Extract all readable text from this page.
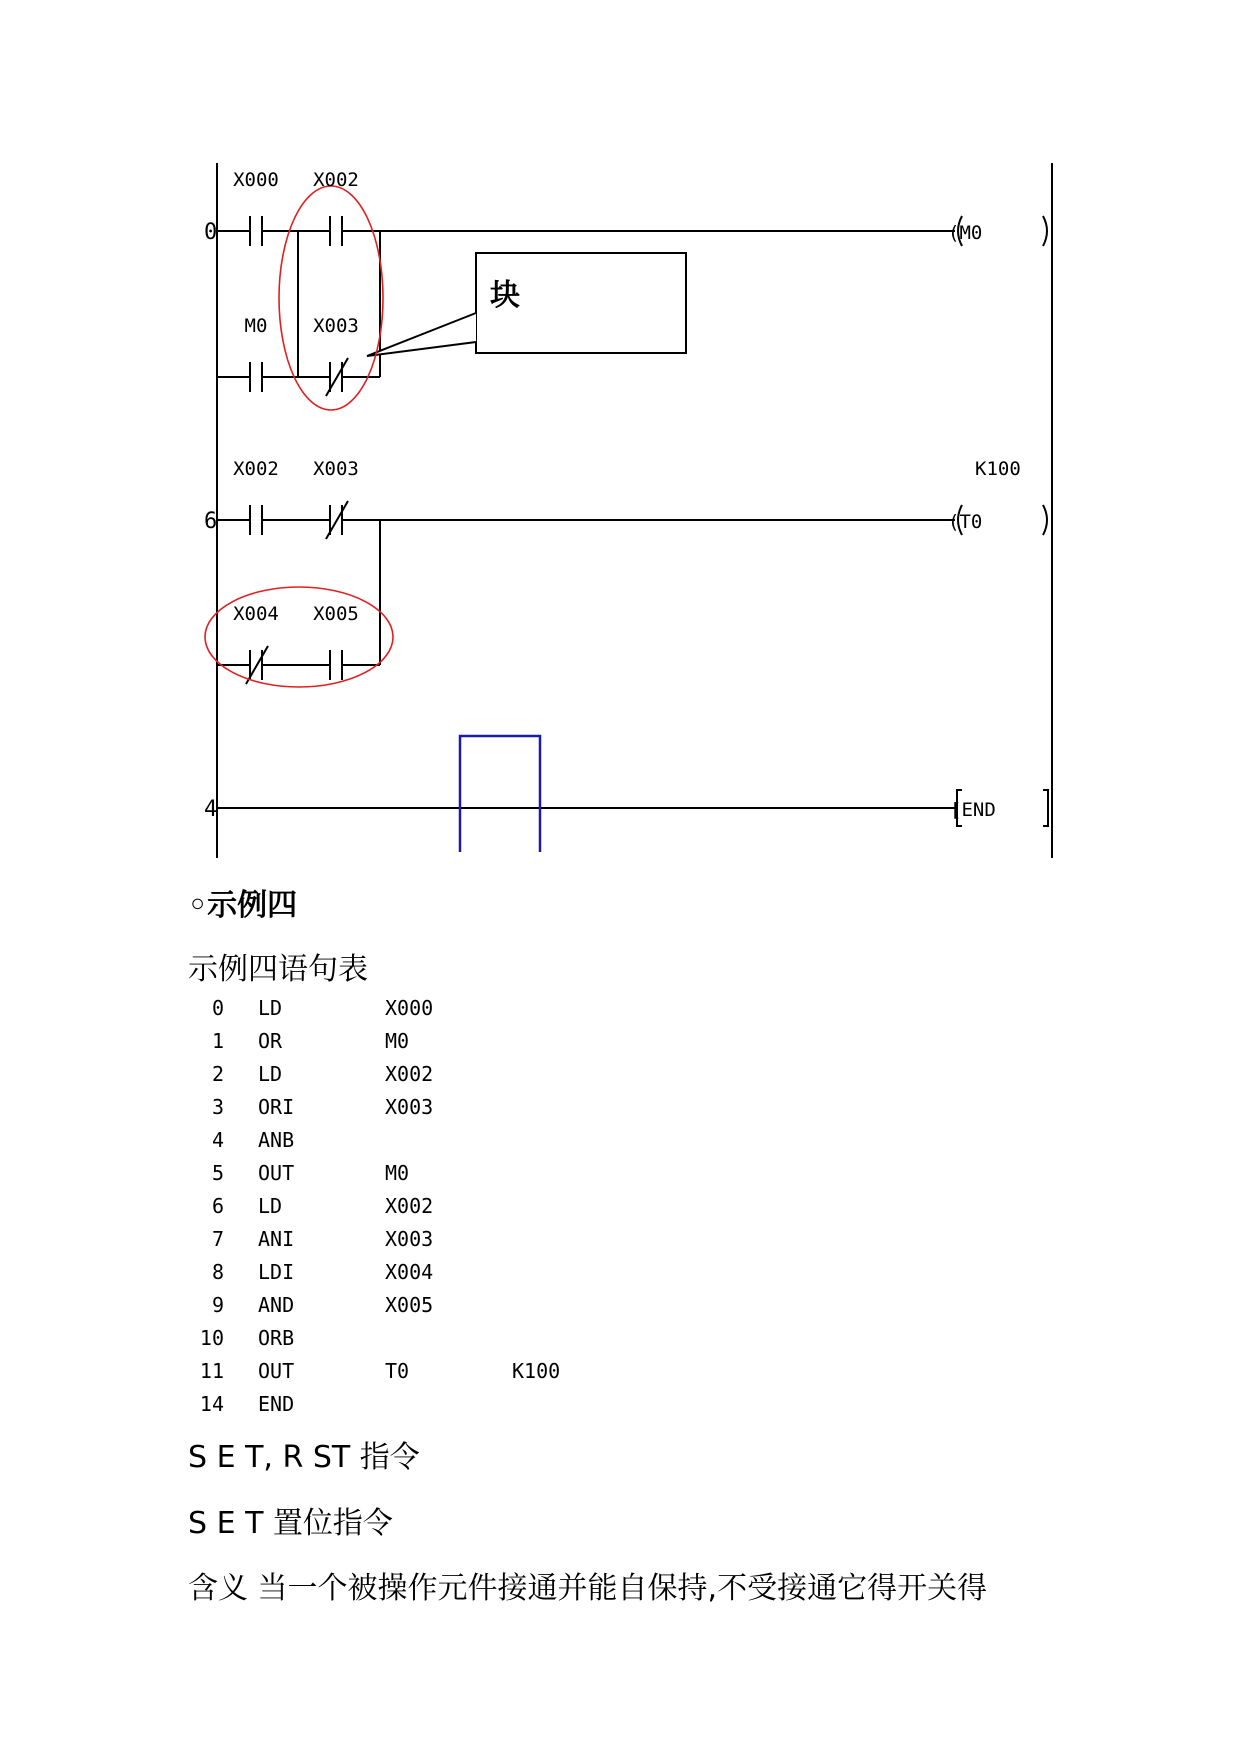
0
6
4
X000 X002
M0 X003
X002 X003
X004 X005
(M0
(T0
K100
[END
块
◦示例四
示例四语句表
0 LD	X000
1 OR	M0
2 LD	X002
3 ORI	X003
4 ANB
5 OUT	M0
6 LD	X002
7 ANI	X003
8 LDI	X004
9 AND	X005
10 ORB
11 OUT	T0	K100
14 END
S E T, R ST 指令
S E T 置位指令
含义 当一个被操作元件接通并能自保持,不受接通它得开关得
